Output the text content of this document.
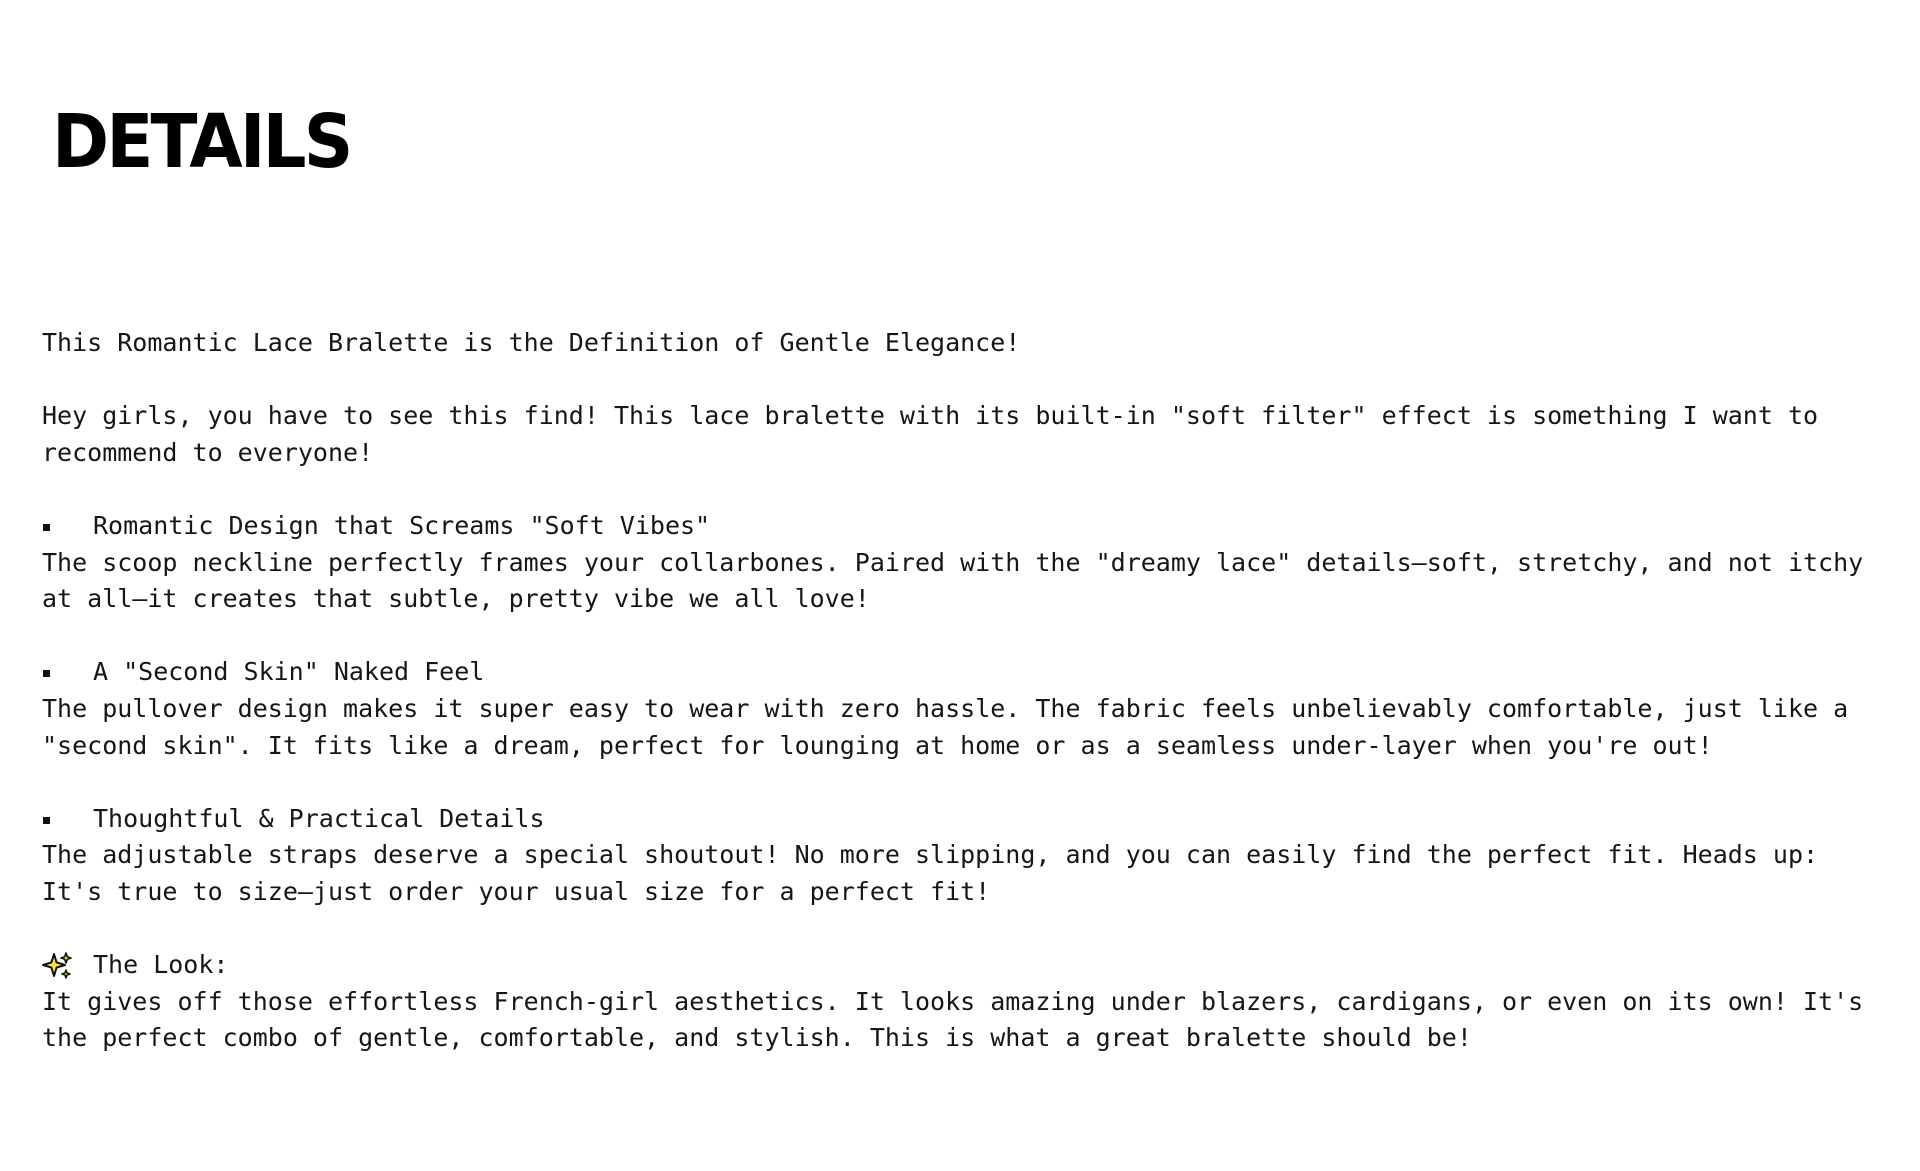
DETAILS

This Romantic Lace Bralette is the Definition of Gentle Elegance!

Hey girls, you have to see this find! This lace bralette with its built-in "soft filter" effect is something I want to recommend to everyone!

Romantic Design that Screams "Soft Vibes"

The scoop neckline perfectly frames your collarbones. Paired with the "dreamy lace" details—soft, stretchy, and not itchy at all—it creates that subtle, pretty vibe we all love!

A "Second Skin" Naked Feel

The pullover design makes it super easy to wear with zero hassle. The fabric feels unbelievably comfortable, just like a "second skin". It fits like a dream, perfect for lounging at home or as a seamless under-layer when you're out!

Thoughtful & Practical Details

The adjustable straps deserve a special shoutout! No more slipping, and you can easily find the perfect fit. Heads up: It's true to size—just order your usual size for a perfect fit!

The Look:

It gives off those effortless French-girl aesthetics. It looks amazing under blazers, cardigans, or even on its own! It's the perfect combo of gentle, comfortable, and stylish. This is what a great bralette should be!
